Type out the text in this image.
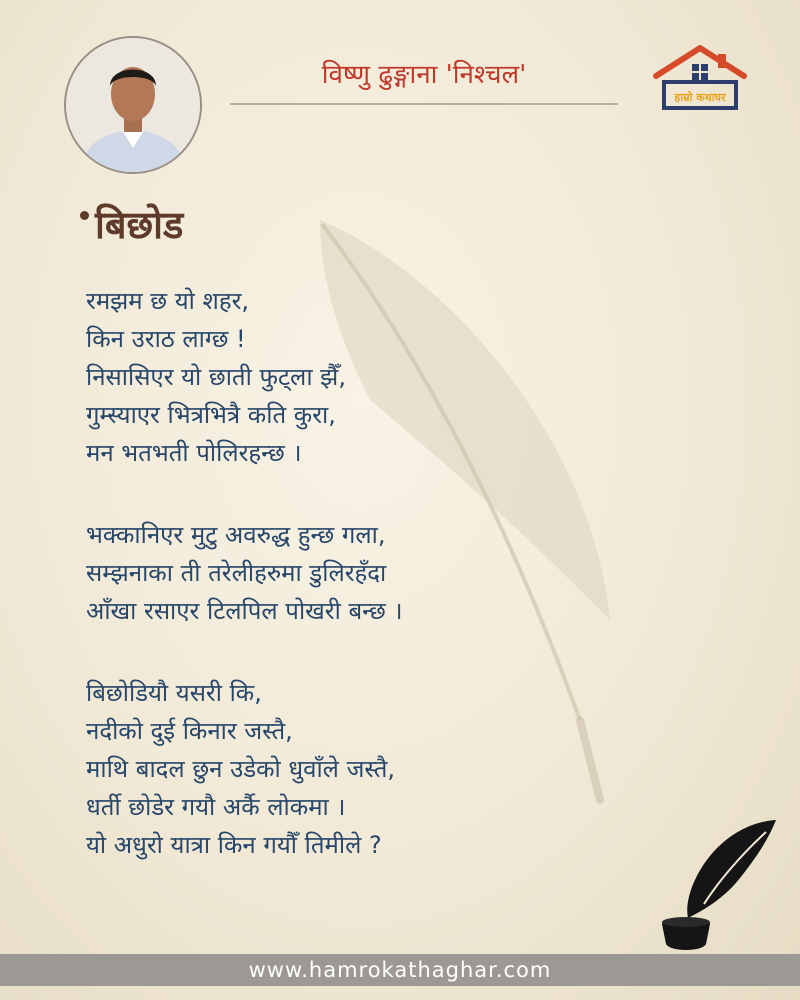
विष्णु ढुङ्गाना 'निश्चल'
हाम्रो कथाघर
बिछोड
रमझम छ यो शहर,
किन उराठ लाग्छ !
निसासिएर यो छाती फुट्ला झैँ,
गुम्स्याएर भित्रभित्रै कति कुरा,
मन भतभती पोलिरहन्छ ।
भक्कानिएर मुटु अवरुद्ध हुन्छ गला,
सम्झनाका ती तरेलीहरुमा डुलिरहँदा
आँखा रसाएर टिलपिल पोखरी बन्छ ।
बिछोडियौ यसरी कि,
नदीको दुई किनार जस्तै,
माथि बादल छुन उडेको धुवाँले जस्तै,
धर्ती छोडेर गयौ अर्कै लोकमा ।
यो अधुरो यात्रा किन गयौँ तिमीले ?
www.hamrokathaghar.com
